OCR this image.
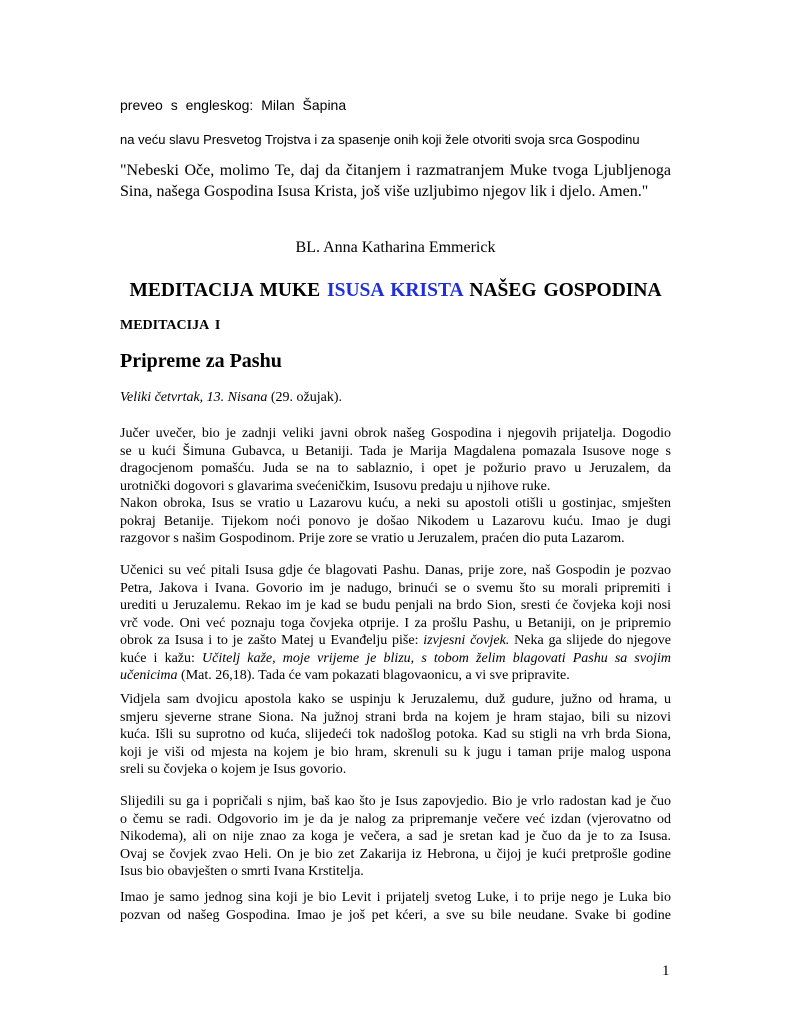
preveo s engleskog: Milan Šapina

na veću slavu Presvetog Trojstva i za spasenje onih koji žele otvoriti svoja srca Gospodinu

"Nebeski Oče, molimo Te, daj da čitanjem i razmatranjem Muke tvoga Ljubljenoga Sina, našega Gospodina Isusa Krista, još više uzljubimo njegov lik i djelo. Amen."

BL. Anna Katharina Emmerick

MEDITACIJA MUKE ISUSA KRISTA NAŠEG GOSPODINA

MEDITACIJA I

Pripreme za Pashu

Veliki četvrtak, 13. Nisana (29. ožujak).

Jučer uvečer, bio je zadnji veliki javni obrok našeg Gospodina i njegovih prijatelja. Dogodio
se u kući Šimuna Gubavca, u Betaniji. Tada je Marija Magdalena pomazala Isusove noge s
dragocjenom pomašću. Juda se na to sablaznio, i opet je požurio pravo u Jeruzalem, da
urotnički dogovori s glavarima svećeničkim, Isusovu predaju u njihove ruke.
Nakon obroka, Isus se vratio u Lazarovu kuću, a neki su apostoli otišli u gostinjac, smješten
pokraj Betanije. Tijekom noći ponovo je došao Nikodem u Lazarovu kuću. Imao je dugi
razgovor s našim Gospodinom. Prije zore se vratio u Jeruzalem, praćen dio puta Lazarom.
Učenici su već pitali Isusa gdje će blagovati Pashu. Danas, prije zore, naš Gospodin je pozvao
Petra, Jakova i Ivana. Govorio im je nadugo, brinući se o svemu što su morali pripremiti i
urediti u Jeruzalemu. Rekao im je kad se budu penjali na brdo Sion, sresti će čovjeka koji nosi
vrč vode. Oni već poznaju toga čovjeka otprije. I za prošlu Pashu, u Betaniji, on je pripremio
obrok za Isusa i to je zašto Matej u Evanđelju piše: izvjesni čovjek. Neka ga slijede do njegove
kuće i kažu: Učitelj kaže, moje vrijeme je blizu, s tobom želim blagovati Pashu sa svojim
učenicima (Mat. 26,18). Tada će vam pokazati blagovaonicu, a vi sve pripravite.
Vidjela sam dvojicu apostola kako se uspinju k Jeruzalemu, duž gudure, južno od hrama, u
smjeru sjeverne strane Siona. Na južnoj strani brda na kojem je hram stajao, bili su nizovi
kuća. Išli su suprotno od kuća, slijedeći tok nadošlog potoka. Kad su stigli na vrh brda Siona,
koji je viši od mjesta na kojem je bio hram, skrenuli su k jugu i taman prije malog uspona
sreli su čovjeka o kojem je Isus govorio.
Slijedili su ga i popričali s njim, baš kao što je Isus zapovjedio. Bio je vrlo radostan kad je čuo
o čemu se radi. Odgovorio im je da je nalog za pripremanje večere već izdan (vjerovatno od
Nikodema), ali on nije znao za koga je večera, a sad je sretan kad je čuo da je to za Isusa.
Ovaj se čovjek zvao Heli. On je bio zet Zakarija iz Hebrona, u čijoj je kući pretprošle godine
Isus bio obavješten o smrti Ivana Krstitelja.
Imao je samo jednog sina koji je bio Levit i prijatelj svetog Luke, i to prije nego je Luka bio
pozvan od našeg Gospodina. Imao je još pet kćeri, a sve su bile neudane. Svake bi godine

1
